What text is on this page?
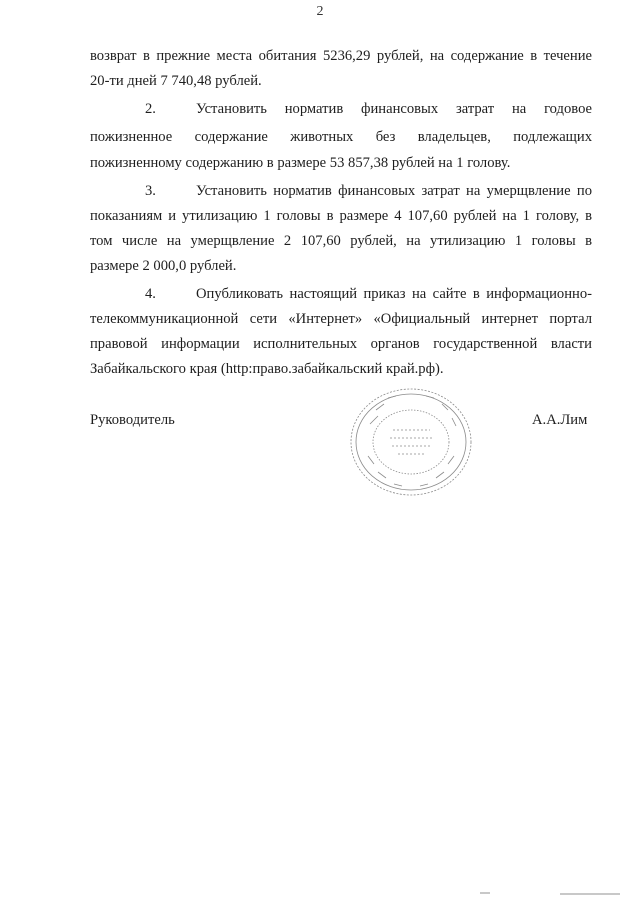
2
возврат в прежние места обитания 5236,29 рублей, на содержание в течение
20-ти дней 7 740,48 рублей.
2.	Установить норматив финансовых затрат на годовое
пожизненное содержание животных без владельцев, подлежащих
пожизненному содержанию в размере 53 857,38 рублей на 1 голову.
3.	Установить норматив финансовых затрат на умерщвление по
показаниям и утилизацию 1 головы в размере 4 107,60 рублей на 1 голову, в
том числе на умерщвление 2 107,60 рублей, на утилизацию 1 головы в
размере 2 000,0 рублей.
4.	Опубликовать настоящий приказ на сайте в информационно-
телекоммуникационной сети «Интернет» «Официальный интернет портал
правовой информации исполнительных органов государственной власти
Забайкальского края (http:право.забайкальский край.рф).
Руководитель	А.А.Лим
